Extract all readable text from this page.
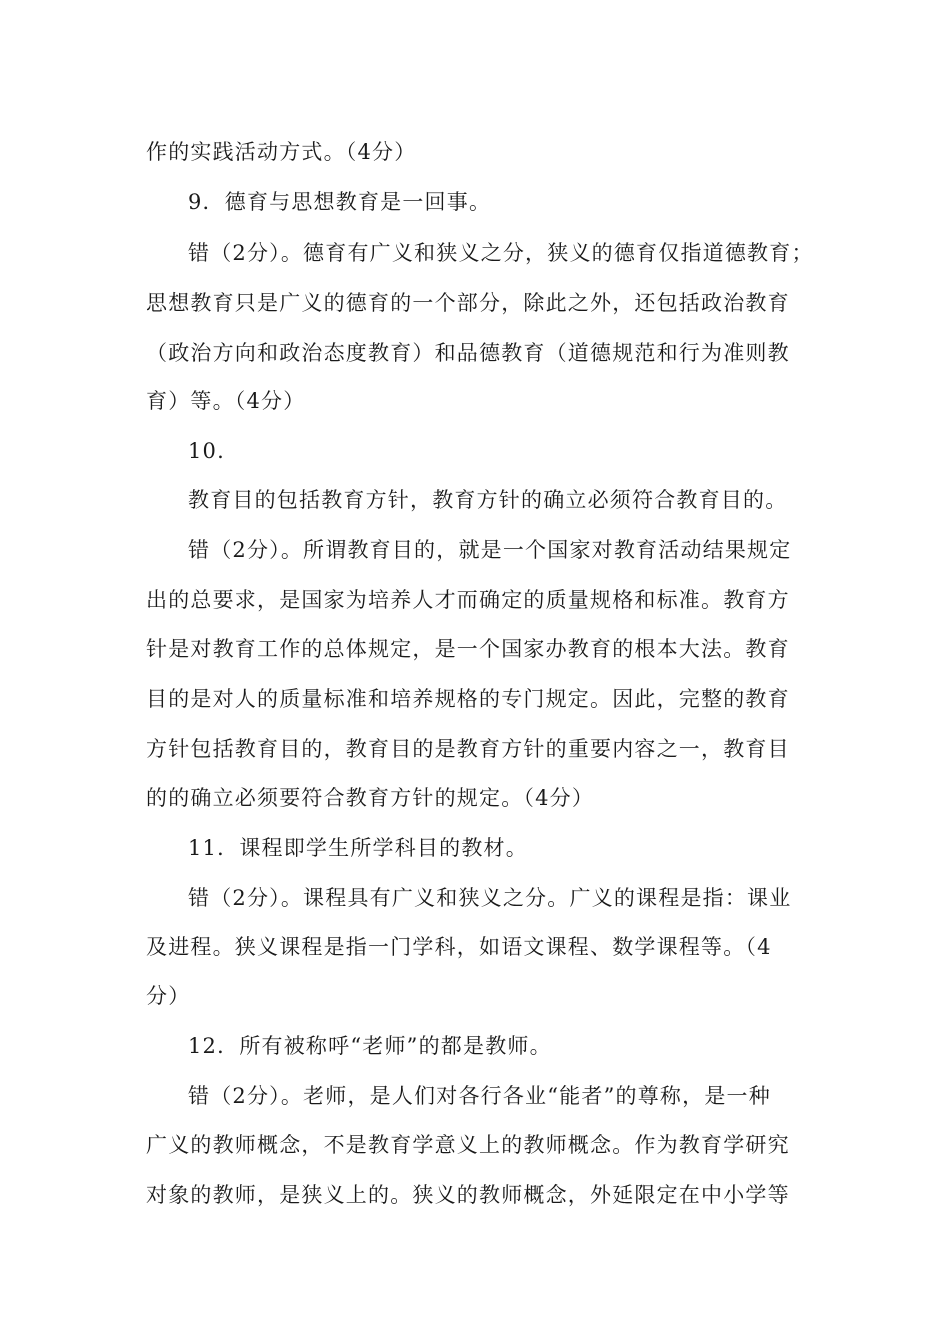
作的实践活动方式。（4分）
9．德育与思想教育是一回事。
错（2分）。德育有广义和狭义之分，狭义的德育仅指道德教育；
思想教育只是广义的德育的一个部分，除此之外，还包括政治教育
（政治方向和政治态度教育）和品德教育（道德规范和行为准则教
育）等。（4分）
10.
教育目的包括教育方针，教育方针的确立必须符合教育目的。
错（2分）。所谓教育目的，就是一个国家对教育活动结果规定
出的总要求，是国家为培养人才而确定的质量规格和标准。教育方
针是对教育工作的总体规定，是一个国家办教育的根本大法。教育
目的是对人的质量标准和培养规格的专门规定。因此，完整的教育
方针包括教育目的，教育目的是教育方针的重要内容之一，教育目
的的确立必须要符合教育方针的规定。（4分）
11．课程即学生所学科目的教材。
错（2分）。课程具有广义和狭义之分。广义的课程是指：课业
及进程。狭义课程是指一门学科，如语文课程、数学课程等。（4
分）
12．所有被称呼“老师”的都是教师。
错（2分）。老师，是人们对各行各业“能者”的尊称，是一种
广义的教师概念，不是教育学意义上的教师概念。作为教育学研究
对象的教师，是狭义上的。狭义的教师概念，外延限定在中小学等
